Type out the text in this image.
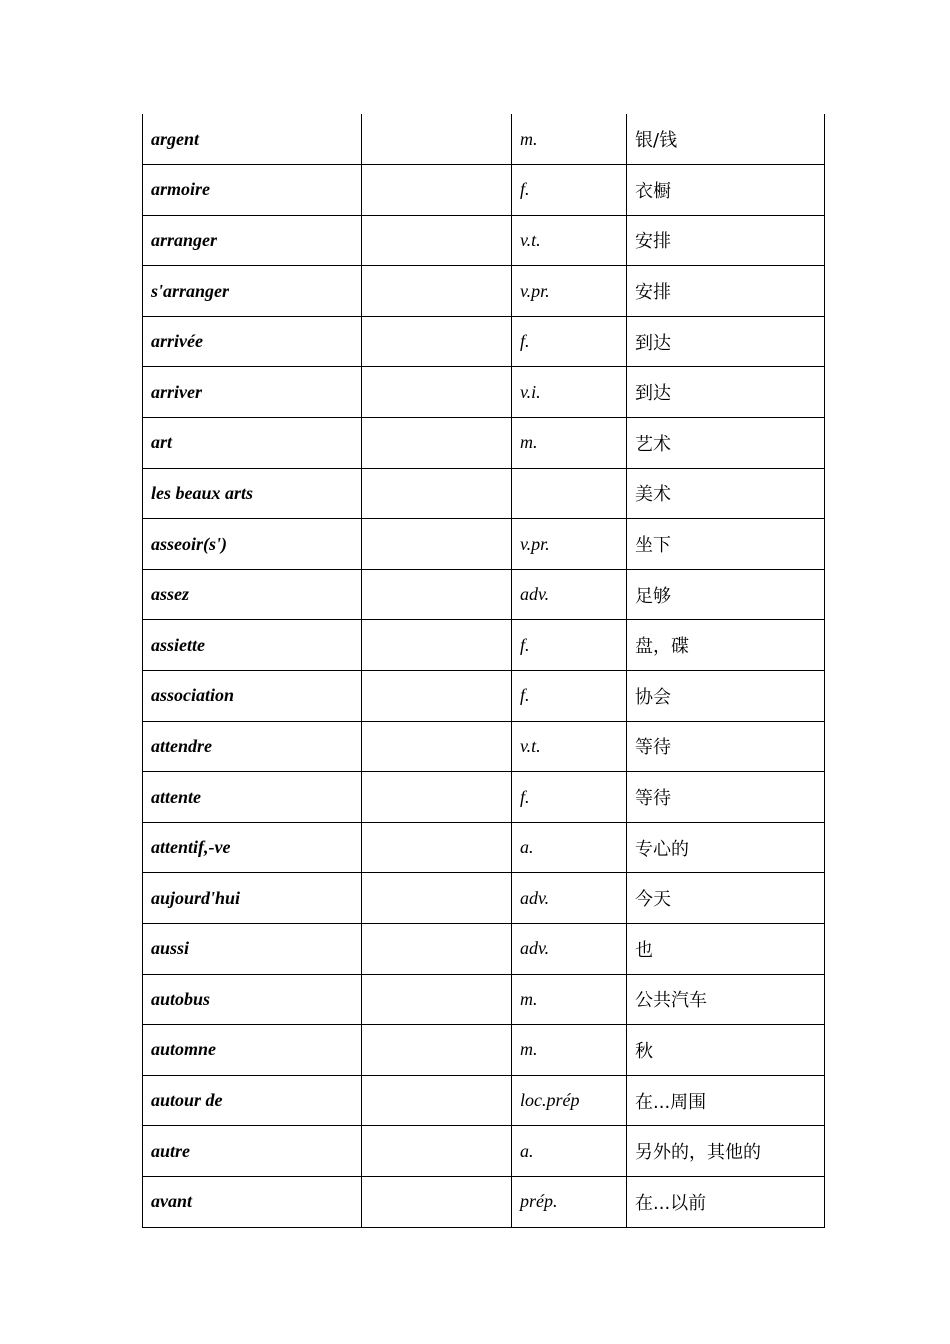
argent		m.	银/钱
armoire		f.	衣橱
arranger		v.t.	安排
s'arranger		v.pr.	安排
arrivée		f.	到达
arriver		v.i.	到达
art		m.	艺术
les beaux arts			美术
asseoir(s')		v.pr.	坐下
assez		adv.	足够
assiette		f.	盘，碟
association		f.	协会
attendre		v.t.	等待
attente		f.	等待
attentif,-ve		a.	专心的
aujourd'hui		adv.	今天
aussi		adv.	也
autobus		m.	公共汽车
automne		m.	秋
autour de		loc.prép	在...周围
autre		a.	另外的，其他的
avant		prép.	在...以前
